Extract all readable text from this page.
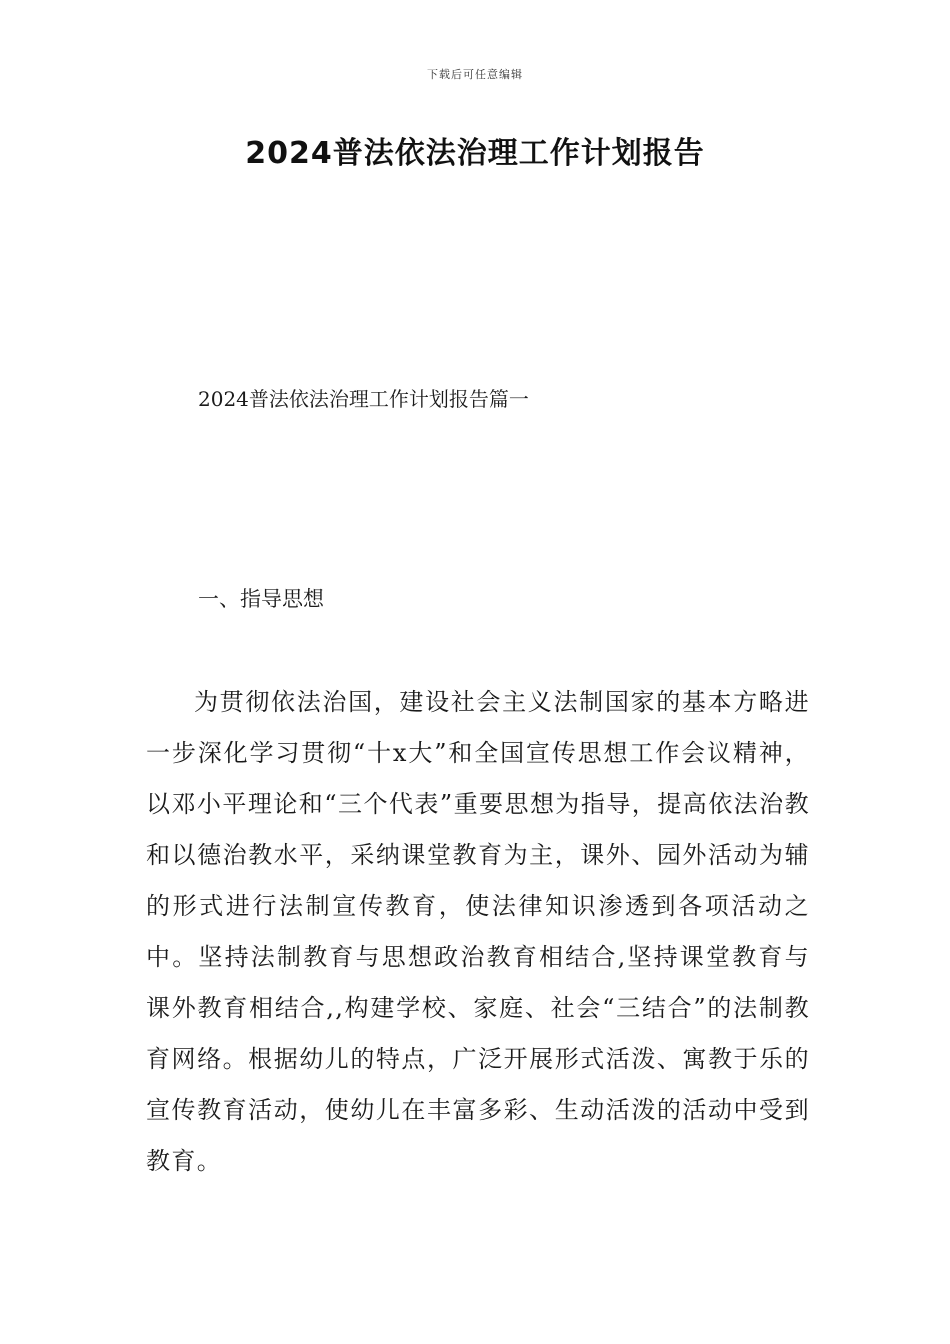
下载后可任意编辑
2024普法依法治理工作计划报告
2024普法依法治理工作计划报告篇一
一、指导思想

为贯彻依法治国，建设社会主义法制国家的基本方略进一步深化学习贯彻“十x大”和全国宣传思想工作会议精神，以邓小平理论和“三个代表”重要思想为指导，提高依法治教和以德治教水平，采纳课堂教育为主，课外、园外活动为辅的形式进行法制宣传教育，使法律知识渗透到各项活动之中。坚持法制教育与思想政治教育相结合,坚持课堂教育与课外教育相结合,,构建学校、家庭、社会“三结合”的法制教育网络。根据幼儿的特点，广泛开展形式活泼、寓教于乐的宣传教育活动，使幼儿在丰富多彩、生动活泼的活动中受到教育。
